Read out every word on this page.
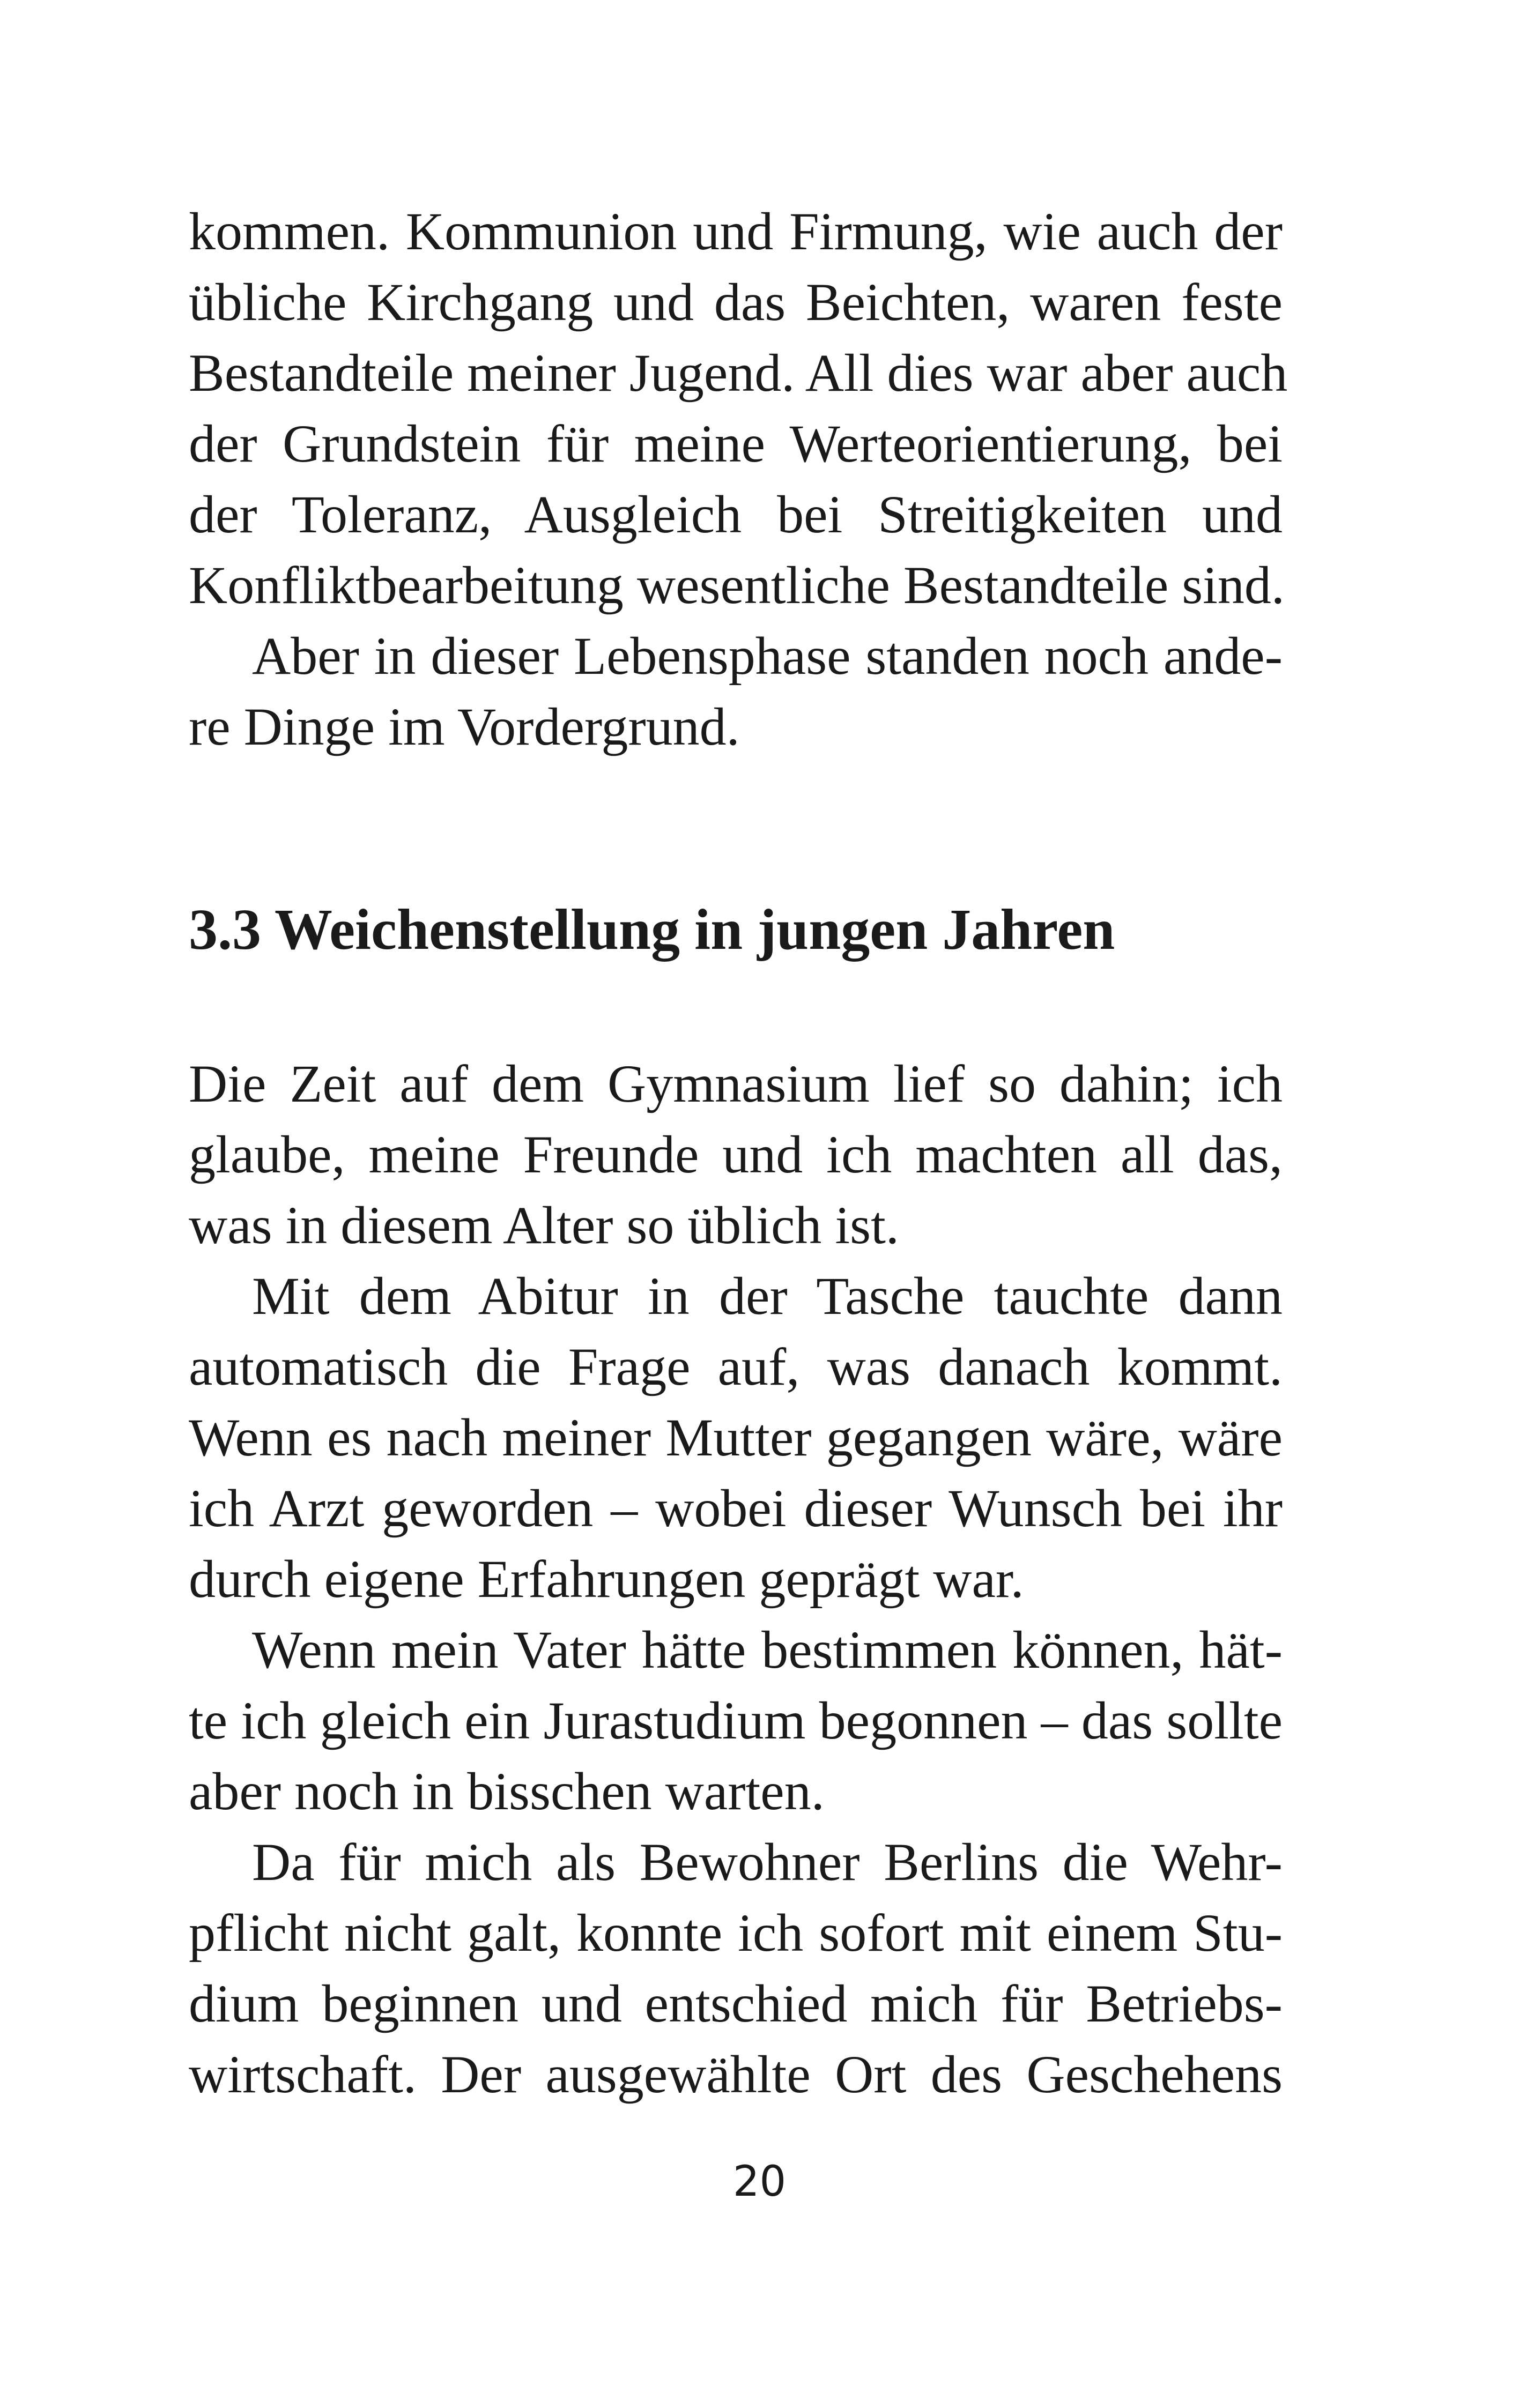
kommen. Kommunion und Firmung, wie auch der
übliche Kirchgang und das Beichten, waren feste
Bestandteile meiner Jugend. All dies war aber auch
der Grundstein für meine Werteorientierung, bei
der Toleranz, Ausgleich bei Streitigkeiten und
Konfliktbearbeitung wesentliche Bestandteile sind.
Aber in dieser Lebensphase standen noch ande-
re Dinge im Vordergrund.
3.3 Weichenstellung in jungen Jahren
Die Zeit auf dem Gymnasium lief so dahin; ich
glaube, meine Freunde und ich machten all das,
was in diesem Alter so üblich ist.
Mit dem Abitur in der Tasche tauchte dann
automatisch die Frage auf, was danach kommt.
Wenn es nach meiner Mutter gegangen wäre, wäre
ich Arzt geworden – wobei dieser Wunsch bei ihr
durch eigene Erfahrungen geprägt war.
Wenn mein Vater hätte bestimmen können, hät-
te ich gleich ein Jurastudium begonnen – das sollte
aber noch in bisschen warten.
Da für mich als Bewohner Berlins die Wehr-
pflicht nicht galt, konnte ich sofort mit einem Stu-
dium beginnen und entschied mich für Betriebs-
wirtschaft. Der ausgewählte Ort des Geschehens
20
